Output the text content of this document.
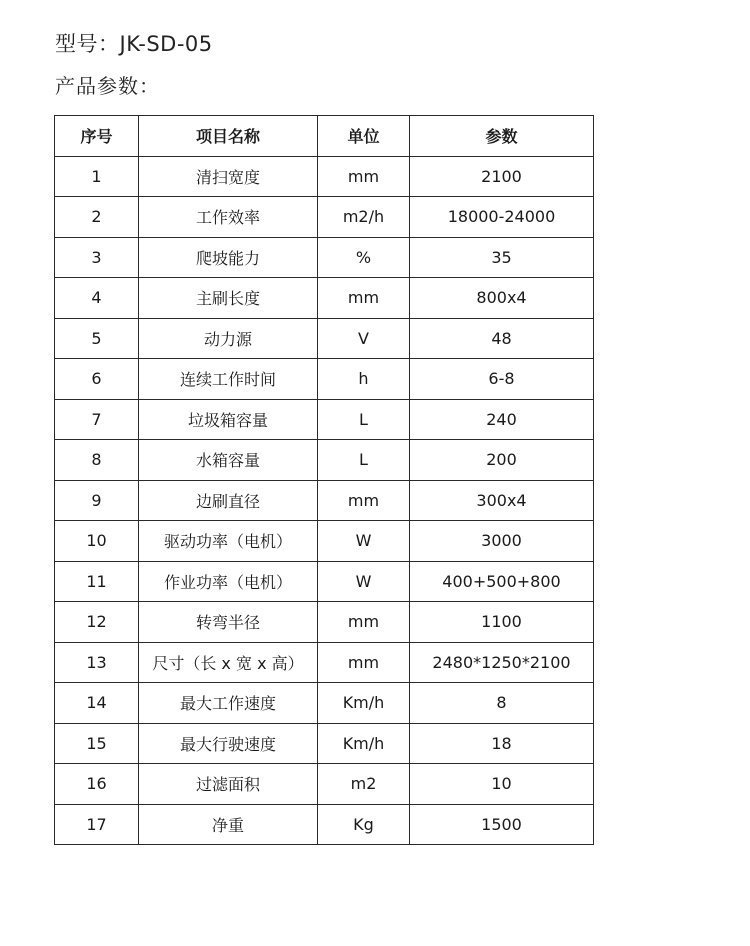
型号：JK-SD-05
产品参数：
序号	项目名称	单位	参数
1	清扫宽度	mm	2100
2	工作效率	m2/h	18000-24000
3	爬坡能力	%	35
4	主刷长度	mm	800x4
5	动力源	V	48
6	连续工作时间	h	6-8
7	垃圾箱容量	L	240
8	水箱容量	L	200
9	边刷直径	mm	300x4
10	驱动功率（电机）	W	3000
11	作业功率（电机）	W	400+500+800
12	转弯半径	mm	1100
13	尺寸（长 x 宽 x 高）	mm	2480*1250*2100
14	最大工作速度	Km/h	8
15	最大行驶速度	Km/h	18
16	过滤面积	m2	10
17	净重	Kg	1500
